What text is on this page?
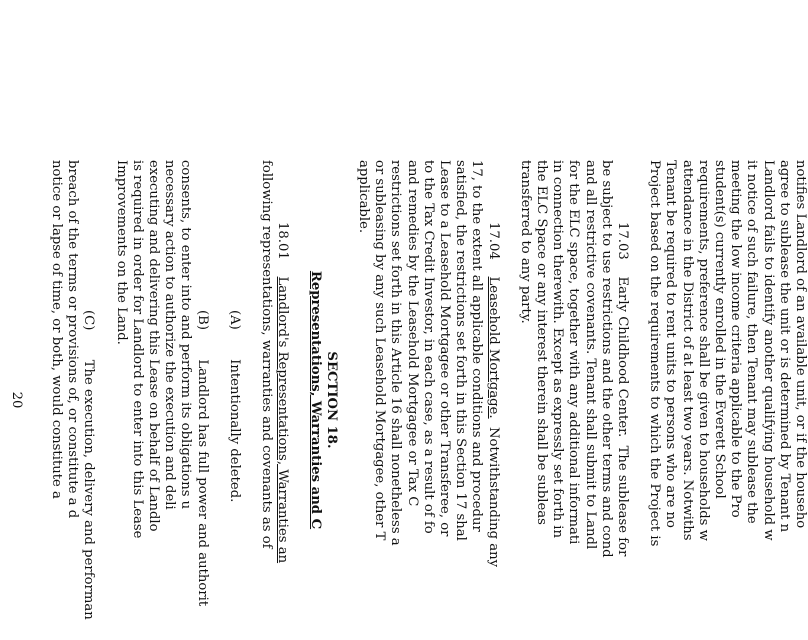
notifies Landlord of an available unit, or if the househo
agree to sublease the unit or is determined by Tenant n
Landlord fails to identify another qualifying household w
it notice of such failure, then Tenant may sublease the
meeting the low income criteria applicable to the Pro
student(s) currently enrolled in the Everett School
requirements, preference shall be given to households w
attendance in the District of at least two years. Notwiths
Tenant be required to rent units to persons who are no
Project based on the requirements to which the Project is
17.03    Early Childhood Center.  The sublease for
be subject to use restrictions and the other terms and cond
and all restrictive covenants. Tenant shall submit to Landl
for the ELC space, together with any additional informati
in connection therewith. Except as expressly set forth in
the ELC Space or any interest therein shall be subleas
transferred to any party.
17.04    Leasehold Mortgage.  Notwithstanding any
17, to the extent all applicable conditions and procedur
satisfied, the restrictions set forth in this Section 17 shal
Lease to a Leasehold Mortgagee or other Transferee, or
to the Tax Credit Investor, in each case, as a result of fo
and remedies by the Leasehold Mortgagee or Tax C
restrictions set forth in this Article 16 shall nonetheless a
or subleasing by any such Leasehold Mortgagee, other T
applicable.
SECTION 18.
Representations, Warranties and C
18.01    Landlord's Representations, Warranties an
following representations, warranties and covenants as of
(A)       Intentionally deleted.
(B)       Landlord has full power and authorit
consents, to enter into and perform its obligations u
necessary action to authorize the execution and deli
executing and delivering this Lease on behalf of Landlo
is required in order for Landlord to enter into this Lease
Improvements on the Land.
(C)       The execution, delivery and performan
breach of the terms or provisions of, or constitute a d
notice or lapse of time, or both, would constitute a
20
